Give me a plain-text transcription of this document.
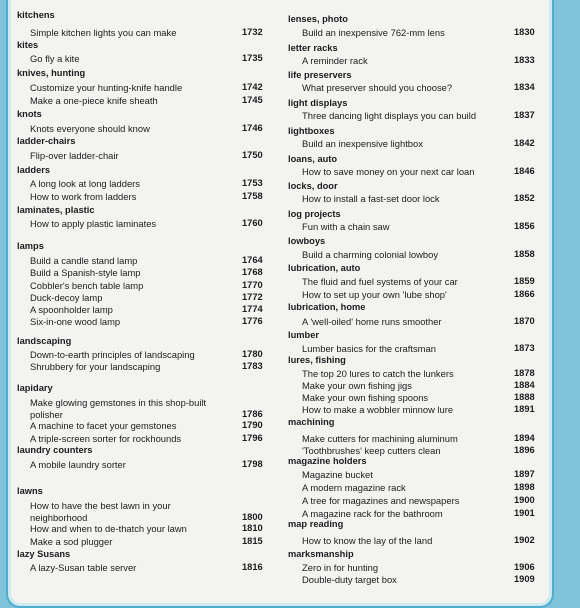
kitchens
Simple kitchen lights you can make	1732
kites
Go fly a kite	1735
knives, hunting
Customize your hunting-knife handle	1742
Make a one-piece knife sheath	1745
knots
Knots everyone should know	1746
ladder-chairs
Flip-over ladder-chair	1750
ladders
A long look at long ladders	1753
How to work from ladders	1758
laminates, plastic
How to apply plastic laminates	1760
lamps
Build a candle stand lamp	1764
Build a Spanish-style lamp	1768
Cobbler's bench table lamp	1770
Duck-decoy lamp	1772
A spoonholder lamp	1774
Six-in-one wood lamp	1776
landscaping
Down-to-earth principles of landscaping	1780
Shrubbery for your landscaping	1783
lapidary
Make glowing gemstones in this shop-built
polisher	1786
A machine to facet your gemstones	1790
A triple-screen sorter for rockhounds	1796
laundry counters
A mobile laundry sorter	1798
lawns
How to have the best lawn in your
neighborhood	1800
How and when to de-thatch your lawn	1810
Make a sod plugger	1815
lazy Susans
A lazy-Susan table server	1816
lenses, photo
Build an inexpensive 762-mm lens	1830
letter racks
A reminder rack	1833
life preservers
What preserver should you choose?	1834
light displays
Three dancing light displays you can build	1837
lightboxes
Build an inexpensive lightbox	1842
loans, auto
How to save money on your next car loan	1846
locks, door
How to install a fast-set door lock	1852
log projects
Fun with a chain saw	1856
lowboys
Build a charming colonial lowboy	1858
lubrication, auto
The fluid and fuel systems of your car	1859
How to set up your own 'lube shop'	1866
lubrication, home
A 'well-oiled' home runs smoother	1870
lumber
Lumber basics for the craftsman	1873
lures, fishing
The top 20 lures to catch the lunkers	1878
Make your own fishing jigs	1884
Make your own fishing spoons	1888
How to make a wobbler minnow lure	1891
machining
Make cutters for machining aluminum	1894
'Toothbrushes' keep cutters clean	1896
magazine holders
Magazine bucket	1897
A modern magazine rack	1898
A tree for magazines and newspapers	1900
A magazine rack for the bathroom	1901
map reading
How to know the lay of the land	1902
marksmanship
Zero in for hunting	1906
Double-duty target box	1909
